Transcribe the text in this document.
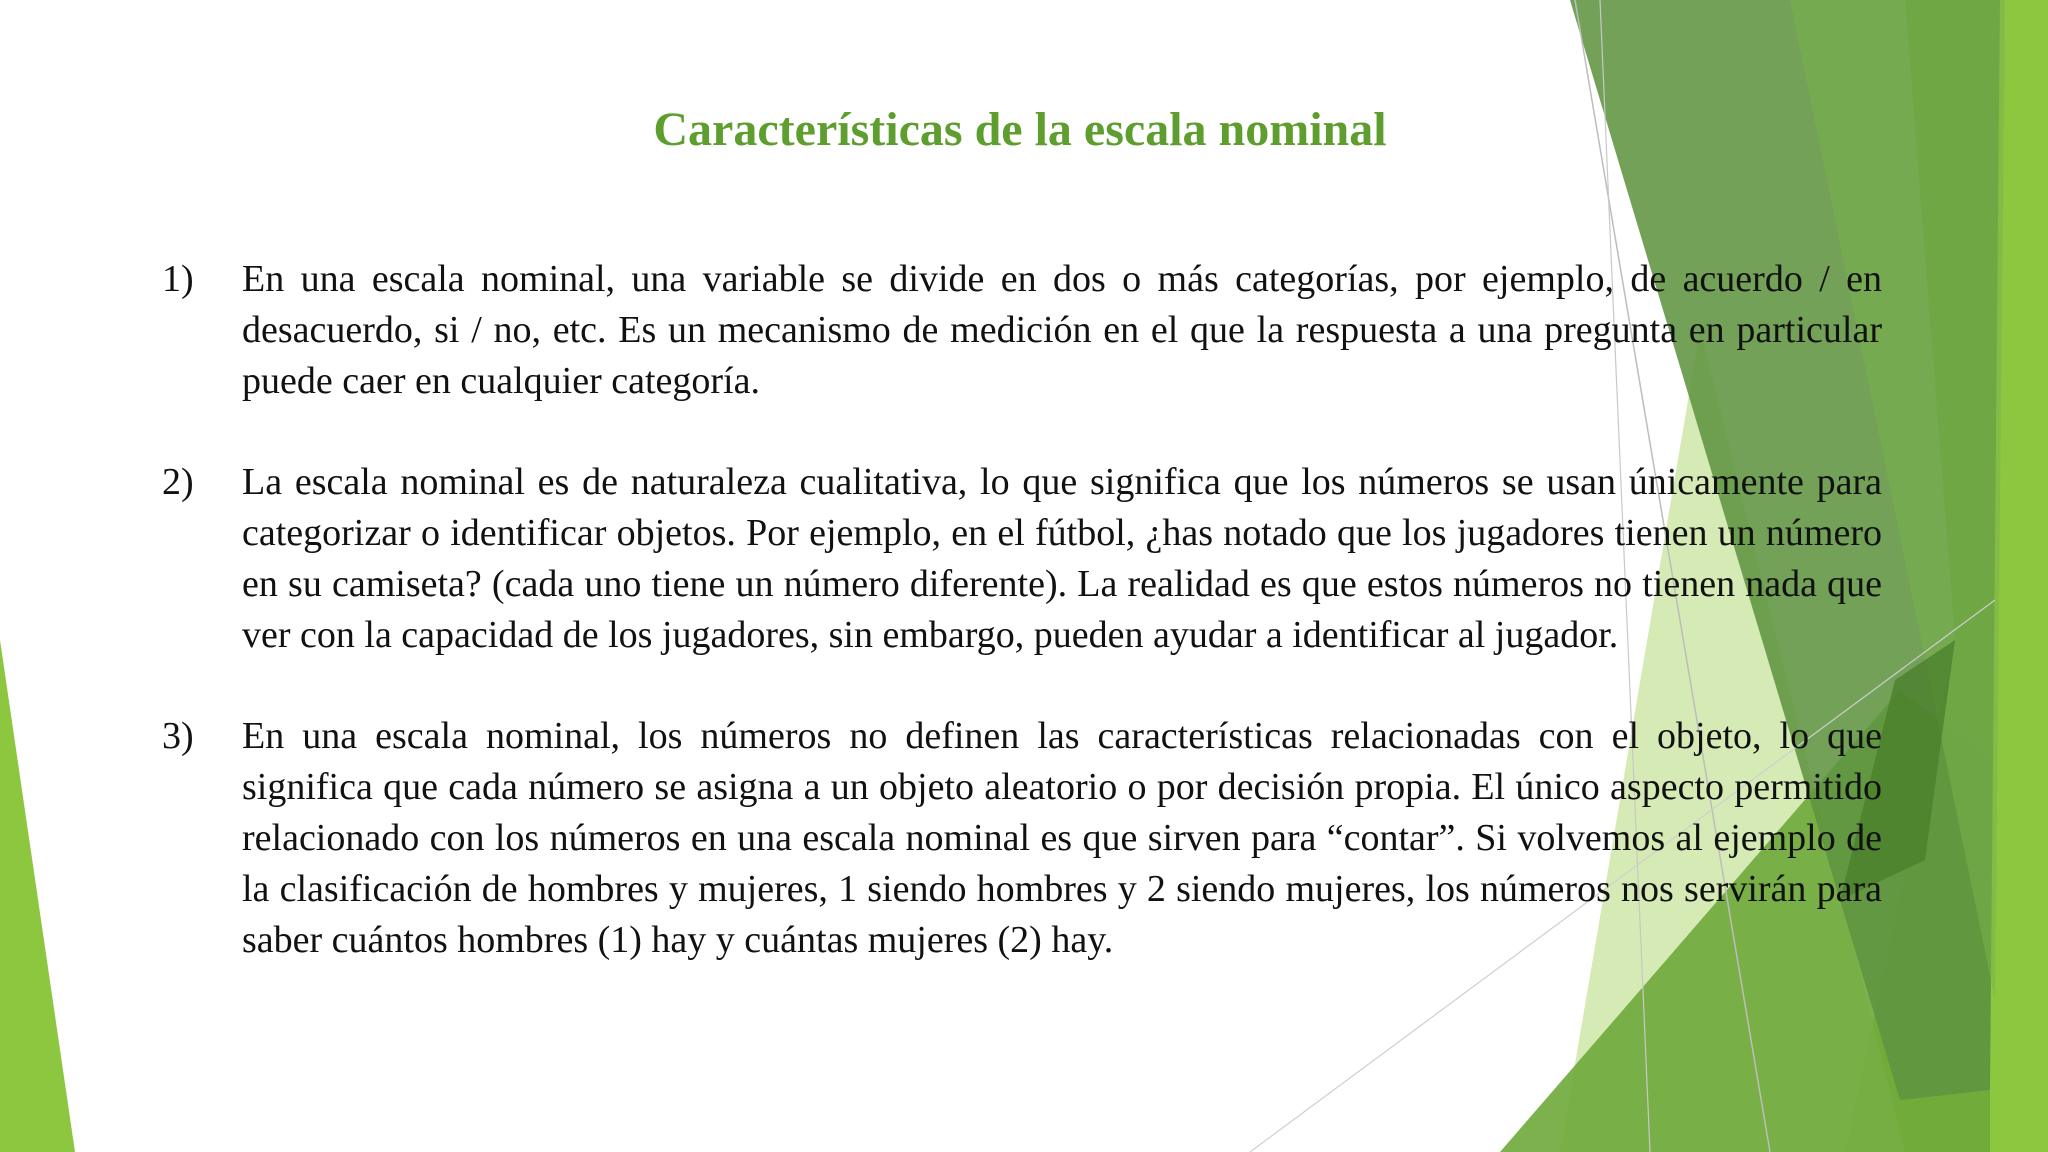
Características de la escala nominal
1)	En una escala nominal, una variable se divide en dos o más categorías, por ejemplo, de acuerdo / en desacuerdo, si / no, etc. Es un mecanismo de medición en el que la respuesta a una pregunta en particular puede caer en cualquier categoría.
2)	La escala nominal es de naturaleza cualitativa, lo que significa que los números se usan únicamente para categorizar o identificar objetos. Por ejemplo, en el fútbol, ¿has notado que los jugadores tienen un número en su camiseta? (cada uno tiene un número diferente). La realidad es que estos números no tienen nada que ver con la capacidad de los jugadores, sin embargo, pueden ayudar a identificar al jugador.
3)	En una escala nominal, los números no definen las características relacionadas con el objeto, lo que significa que cada número se asigna a un objeto aleatorio o por decisión propia. El único aspecto permitido relacionado con los números en una escala nominal es que sirven para “contar”. Si volvemos al ejemplo de la clasificación de hombres y mujeres, 1 siendo hombres y 2 siendo mujeres, los números nos servirán para saber cuántos hombres (1) hay y cuántas mujeres (2) hay.
